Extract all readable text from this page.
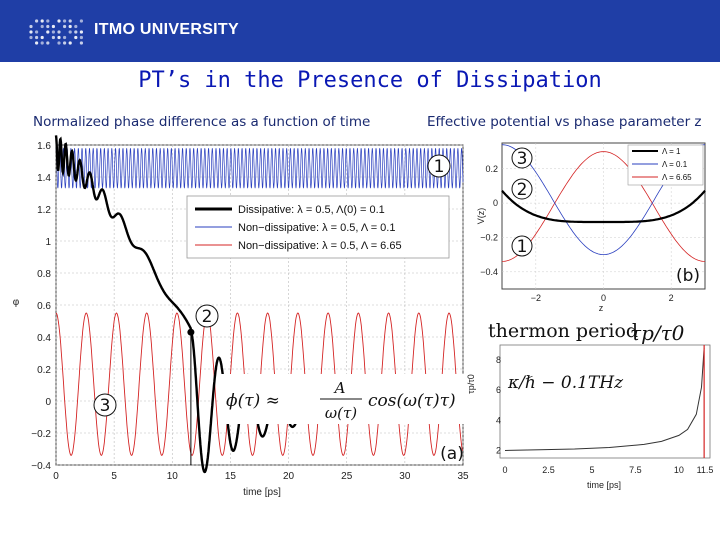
ITMO UNIVERSITY
PT’s in the Presence of Dissipation
Normalized phase difference as a function of time	Effective potential vs phase parameter z
0	5	10	15	20	25	30	35
−0.4
−0.2
0
0.2
0.4
0.6
0.8
1
1.2
1.4
1.6
Dissipative: λ = 0.5, Λ(0) = 0.1
Non−dissipative: λ = 0.5, Λ = 0.1
Non−dissipative: λ = 0.5, Λ = 6.65
1
2
3	ϕ(τ) ≈
A
ω(τ)
cos(ω(τ)τ)
(a)
time [ps]
φ	−2	0	2
−0.4
−0.2
0
0.2
Λ = 1
Λ = 0.1
Λ = 6.65
3
2
1
(b)
z
V(z)
thermon period
τp/τ0
0	2.5	5	7.5	10 11.5
2
4
6
8
κ/ℏ − 0.1THz
time [ps]
τp/τ0
